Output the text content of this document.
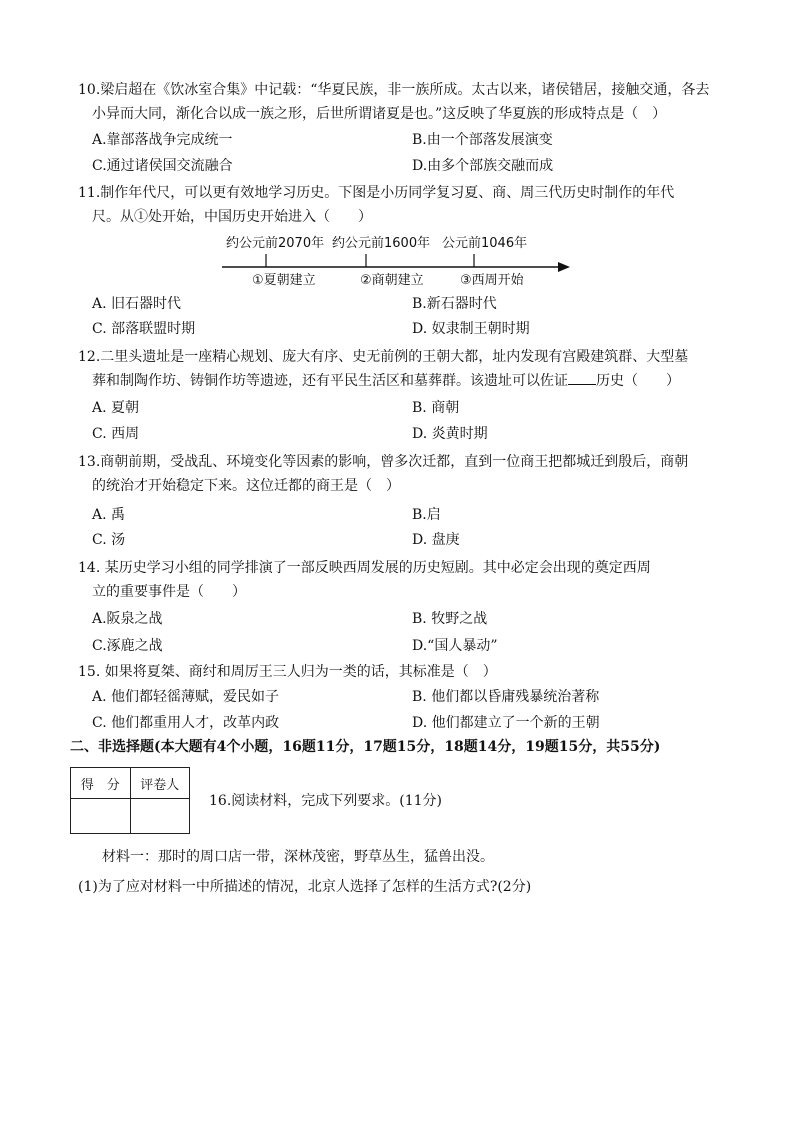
10.梁启超在《饮冰室合集》中记载：“华夏民族，非一族所成。太古以来，诸侯错居，接触交通，各去
小异而大同，渐化合以成一族之形，后世所谓诸夏是也。”这反映了华夏族的形成特点是（　）
A.靠部落战争完成统一	B.由一个部落发展演变
C.通过诸侯国交流融合	D.由多个部族交融而成
11.制作年代尺，可以更有效地学习历史。下图是小历同学复习夏、商、周三代历史时制作的年代
尺。从①处开始，中国历史开始进入（　　）
约公元前2070年 约公元前1600年 公元前1046年
①夏朝建立	②商朝建立	③西周开始
A. 旧石器时代	B.新石器时代
C. 部落联盟时期	D. 奴隶制王朝时期
12.二里头遗址是一座精心规划、庞大有序、史无前例的王朝大都，址内发现有宫殿建筑群、大型墓
葬和制陶作坊、铸铜作坊等遗迹，还有平民生活区和墓葬群。该遗址可以佐证 历史（　　）
A. 夏朝	B. 商朝
C. 西周	D. 炎黄时期
13.商朝前期，受战乱、环境变化等因素的影响，曾多次迁都，直到一位商王把都城迁到殷后，商朝
的统治才开始稳定下来。这位迁都的商王是（　）
A. 禹	B.启
C. 汤	D. 盘庚
14. 某历史学习小组的同学排演了一部反映西周发展的历史短剧。其中必定会出现的奠定西周
立的重要事件是（　　）
A.阪泉之战	B. 牧野之战
C.涿鹿之战	D.“国人暴动”
15. 如果将夏桀、商纣和周厉王三人归为一类的话，其标准是（　）
A. 他们都轻徭薄赋，爱民如子	B. 他们都以昏庸残暴统治著称
C. 他们都重用人才，改革内政	D. 他们都建立了一个新的王朝
二、非选择题(本大题有4个小题，16题11分，17题15分，18题14分，19题15分，共55分)
得　分	评卷人

16.阅读材料，完成下列要求。(11分)
材料一：那时的周口店一带，深林茂密，野草丛生，猛兽出没。
(1)为了应对材料一中所描述的情况，北京人选择了怎样的生活方式?(2分)
